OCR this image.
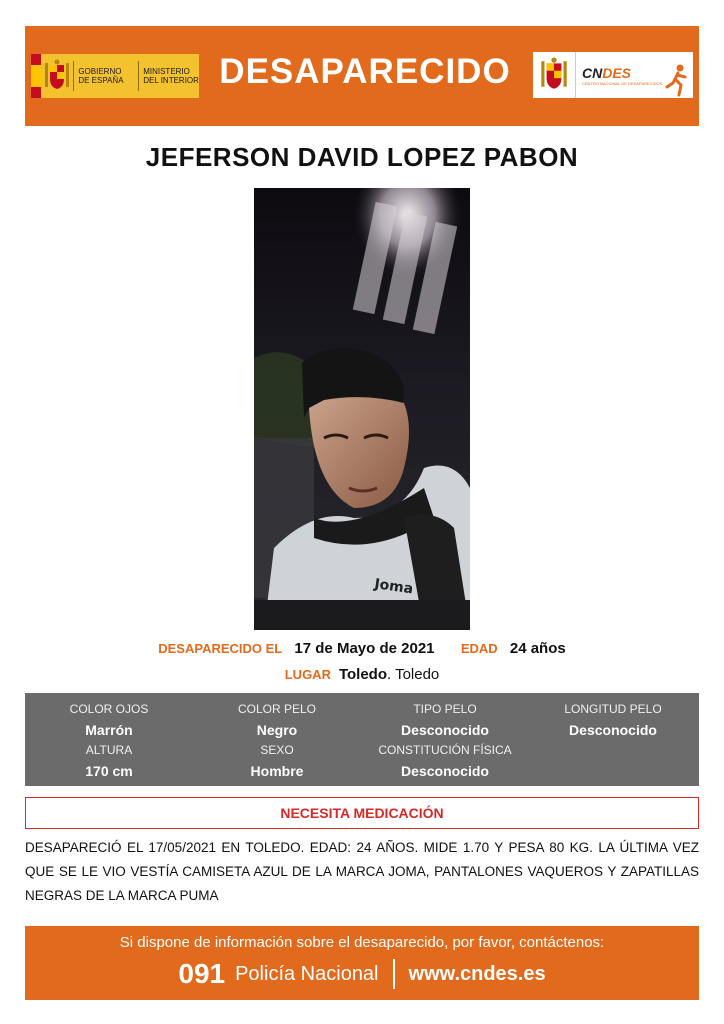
GOBIERNO DE ESPAÑA
MINISTERIO DEL INTERIOR DESAPARECIDO	CNDES
CENTRO NACIONAL DE DESAPARECIDOS
JEFERSON DAVID LOPEZ PABON
Joma
DESAPARECIDO EL 17 de Mayo de 2021 EDAD 24 años
LUGAR Toledo. Toledo
COLOR OJOS
Marrón
COLOR PELO
Negro
TIPO PELO
Desconocido
LONGITUD PELO
Desconocido
ALTURA
170 cm
SEXO
Hombre
CONSTITUCIÓN FÍSICA
Desconocido
NECESITA MEDICACIÓN
DESAPARECIÓ EL 17/05/2021 EN TOLEDO. EDAD: 24 AÑOS. MIDE 1.70 Y PESA 80 KG. LA ÚLTIMA VEZ QUE SE LE VIO VESTÍA CAMISETA AZUL DE LA MARCA JOMA, PANTALONES VAQUEROS Y ZAPATILLAS NEGRAS DE LA MARCA PUMA
Si dispone de información sobre el desaparecido, por favor, contáctenos:
091 Policía Nacional www.cndes.es
